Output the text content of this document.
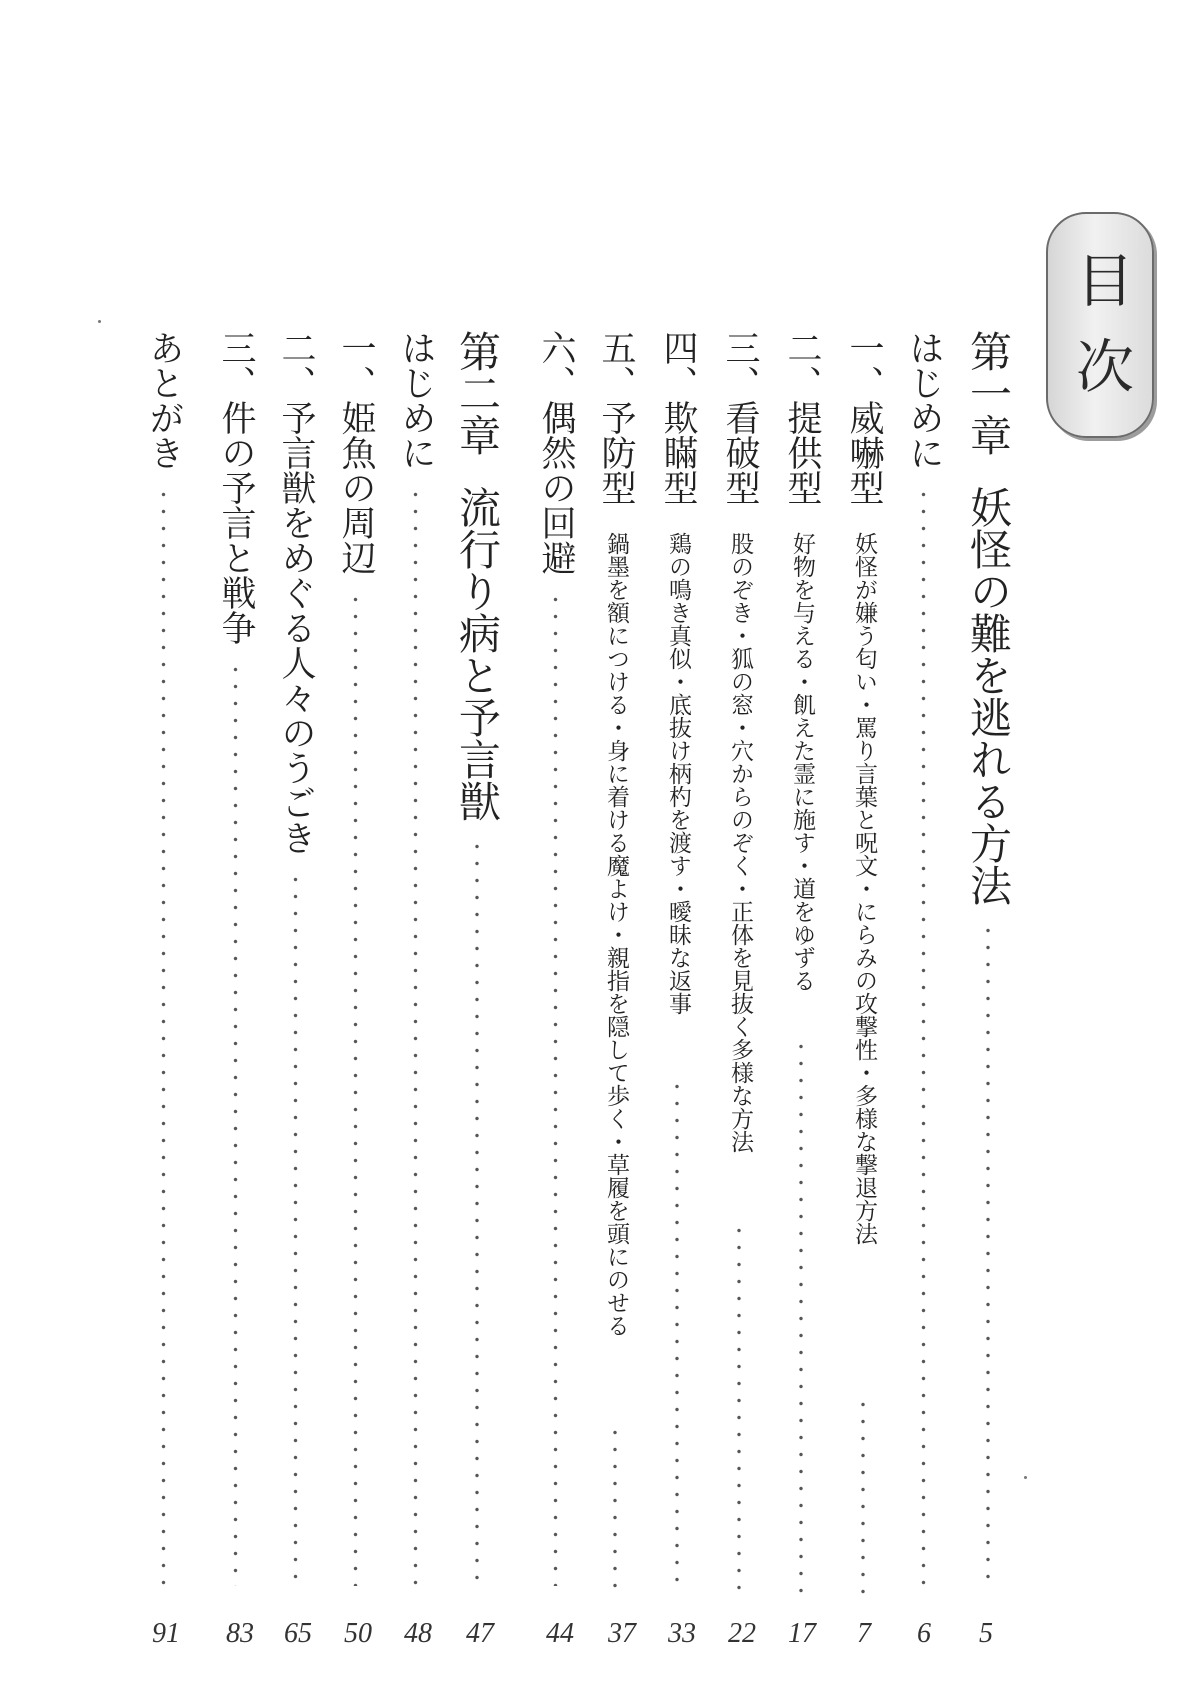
目次
第一章
妖怪の難を逃れる方法
5
はじめに
6
一、威嚇型
妖怪が嫌う匂い・罵り言葉と呪文・にらみの攻撃性・多様な撃退方法
7
二、提供型
好物を与える・飢えた霊に施す・道をゆずる
17
三、看破型
股のぞき・狐の窓・穴からのぞく・正体を見抜く多様な方法
22
四、欺瞞型
鶏の鳴き真似・底抜け柄杓を渡す・曖昧な返事
33
五、予防型
鍋墨を額につける・身に着ける魔よけ・親指を隠して歩く・草履を頭にのせる
37
六、偶然の回避
44
第二章
流行り病と予言獣
47
はじめに
48
一、姫魚の周辺
50
二、予言獣をめぐる人々のうごき
65
三、件の予言と戦争
83
あとがき
91
